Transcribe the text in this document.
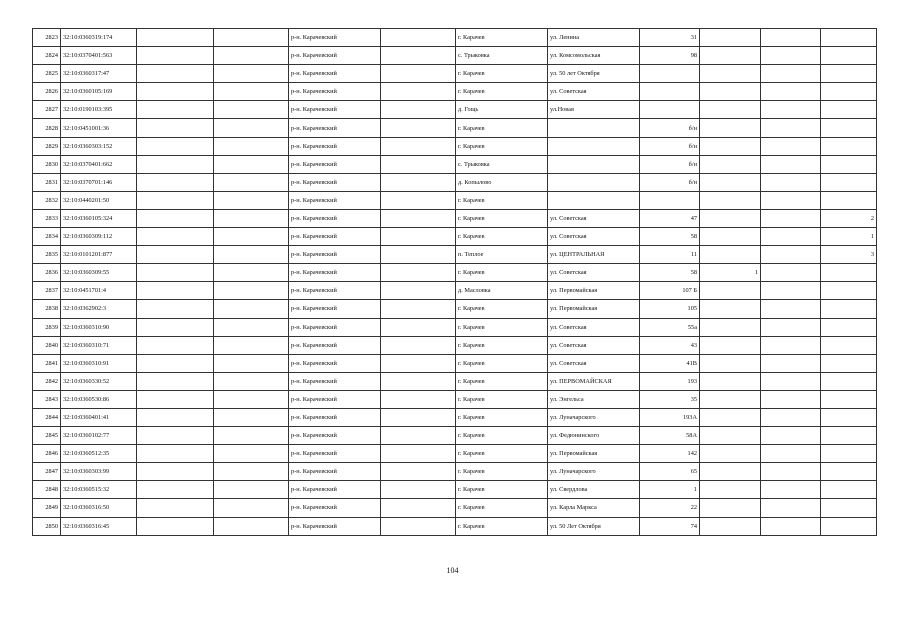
2823	32:10:0360319:174			р-н. Карачевский		г. Карачев	ул. Ленина	31			
2824	32:10:0370401:563			р-н. Карачевский		с. Трыковка	ул. Комсомольская	98			
2825	32:10:0360317:47			р-н. Карачевский		г. Карачев	ул. 50 лет Октября				
2826	32:10:0360105:169			р-н. Карачевский		г. Карачев	ул. Советская				
2827	32:10:0190103:395			р-н. Карачевский		д. Гощь	ул.Новая				
2828	32:10:0451001:36			р-н. Карачевский		г. Карачев		б/н			
2829	32:10:0360303:152			р-н. Карачевский		г. Карачев		б/н			
2830	32:10:0370401:662			р-н. Карачевский		с. Трыковка		б/н			
2831	32:10:0370701:146			р-н. Карачевский		д. Копылово		б/н			
2832	32:10:0440201:50			р-н. Карачевский		г. Карачев					
2833	32:10:0360105:324			р-н. Карачевский		г. Карачев	ул. Советская	47			2
2834	32:10:0360309:112			р-н. Карачевский		г. Карачев	ул. Советская	58			1
2835	32:10:0101201:877			р-н. Карачевский		п. Теплое	ул. ЦЕНТРАЛЬНАЯ	11			3
2836	32:10:0360309:55			р-н. Карачевский		г. Карачев	ул. Советская	58	1		
2837	32:10:0451701:4			р-н. Карачевский		д. Масловка	ул. Первомайская	107 Б			
2838	32:10:0362902:3			р-н. Карачевский		г. Карачев	ул. Первомайская	105			
2839	32:10:0360310:90			р-н. Карачевский		г. Карачев	ул. Советская	55а			
2840	32:10:0360310:71			р-н. Карачевский		г. Карачев	ул. Советская	43			
2841	32:10:0360310:91			р-н. Карачевский		г. Карачев	ул. Советская	41В			
2842	32:10:0360330:52			р-н. Карачевский		г. Карачев	ул. ПЕРВОМАЙСКАЯ	193			
2843	32:10:0360530:86			р-н. Карачевский		г. Карачев	ул. Энгельса	35			
2844	32:10:0360401:41			р-н. Карачевский		г. Карачев	ул. Луначарского	193А			
2845	32:10:0360102:77			р-н. Карачевский		г. Карачев	ул. Федюнинского	58А			
2846	32:10:0360512:35			р-н. Карачевский		г. Карачев	ул. Первомайская	142			
2847	32:10:0360303:99			р-н. Карачевский		г. Карачев	ул. Луначарского	65			
2848	32:10:0360515:32			р-н. Карачевский		г. Карачев	ул. Свердлова	1			
2849	32:10:0360316:50			р-н. Карачевский		г. Карачев	ул. Карла Маркса	22			
2850	32:10:0360316:45			р-н. Карачевский		г. Карачев	ул. 50 Лет Октября	74			
104
